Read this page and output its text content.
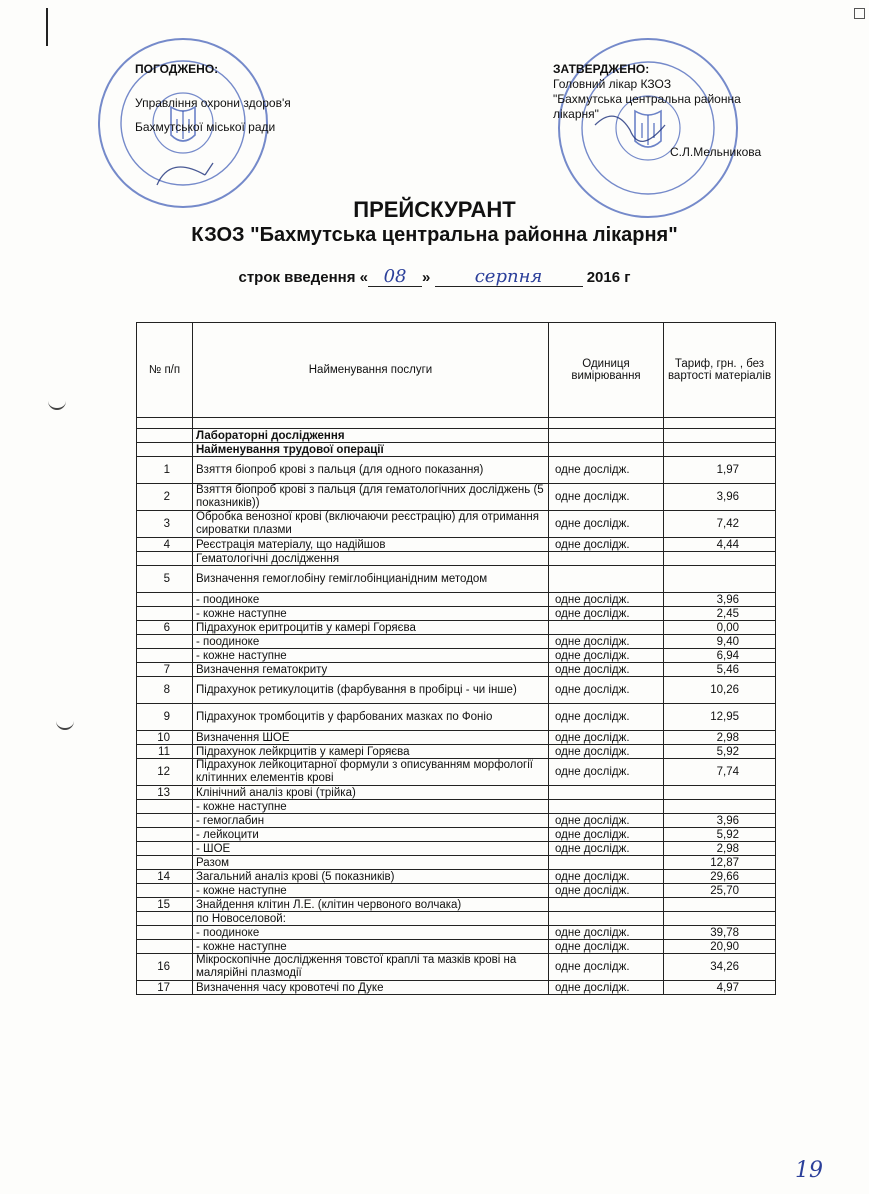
ПОГОДЖЕНО:
Управління охрони здоров'я
Бахмутської міської ради
ЗАТВЕРДЖЕНО:
Головний лікар КЗОЗ
"Бахмутська центральна районна
лікарня"
С.Л.Мельникова
ПРЕЙСКУРАНТ
КЗОЗ "Бахмутська центральна районна лікарня"
строк введення « 08 » серпня	2016 г
№ п/п	Найменування послуги	Одиниця вимірювання	Тариф, грн. , без вартості матеріалів

	Лабораторні дослідження		
	Найменування трудової операції		
1	Взяття біопроб крові з пальця (для одного показання)	одне дослідж.	1,97
2	Взяття біопроб крові з пальця (для гематологічних досліджень (5 показників))	одне дослідж.	3,96
3	Обробка венозної крові (включаючи реєстрацію) для отримання сироватки плазми	одне дослідж.	7,42
4	Реєстрація матеріалу, що надійшов	одне дослідж.	4,44
	Гематологічні дослідження		
5	Визначення гемоглобіну геміглобінцианідним методом		
	- поодиноке	одне дослідж.	3,96
	- кожне наступне	одне дослідж.	2,45
6	Підрахунок еритроцитів у камері Горяєва		0,00
	- поодиноке	одне дослідж.	9,40
	- кожне наступне	одне дослідж.	6,94
7	Визначення гематокриту	одне дослідж.	5,46
8	Підрахунок ретикулоцитів (фарбування в пробірці - чи інше)	одне дослідж.	10,26
9	Підрахунок тромбоцитів у фарбованих мазках по Фоніо	одне дослідж.	12,95
10	Визначення ШОЕ	одне дослідж.	2,98
11	Підрахунок лейкрцитів у камері Горяєва	одне дослідж.	5,92
12	Підрахунок лейкоцитарної формули з описуванням морфології клітинних елементів крові	одне дослідж.	7,74
13	Клінічний аналіз крові (трійка)		
	- кожне наступне		
	- гемоглабин	одне дослідж.	3,96
	- лейкоцити	одне дослідж.	5,92
	- ШОЕ	одне дослідж.	2,98
	Разом		12,87
14	Загальний аналіз крові (5 показників)	одне дослідж.	29,66
	- кожне наступне	одне дослідж.	25,70
15	Знайдення клітин Л.Е. (клітин червоного волчака)		
	по Новоселовой:		
	- поодиноке	одне дослідж.	39,78
	- кожне наступне	одне дослідж.	20,90
16	Мікроскопічне дослідження товстої краплі та мазків крові на малярійні плазмодії	одне дослідж.	34,26
17	Визначення часу кровотечі по Дуке	одне дослідж.	4,97
19
